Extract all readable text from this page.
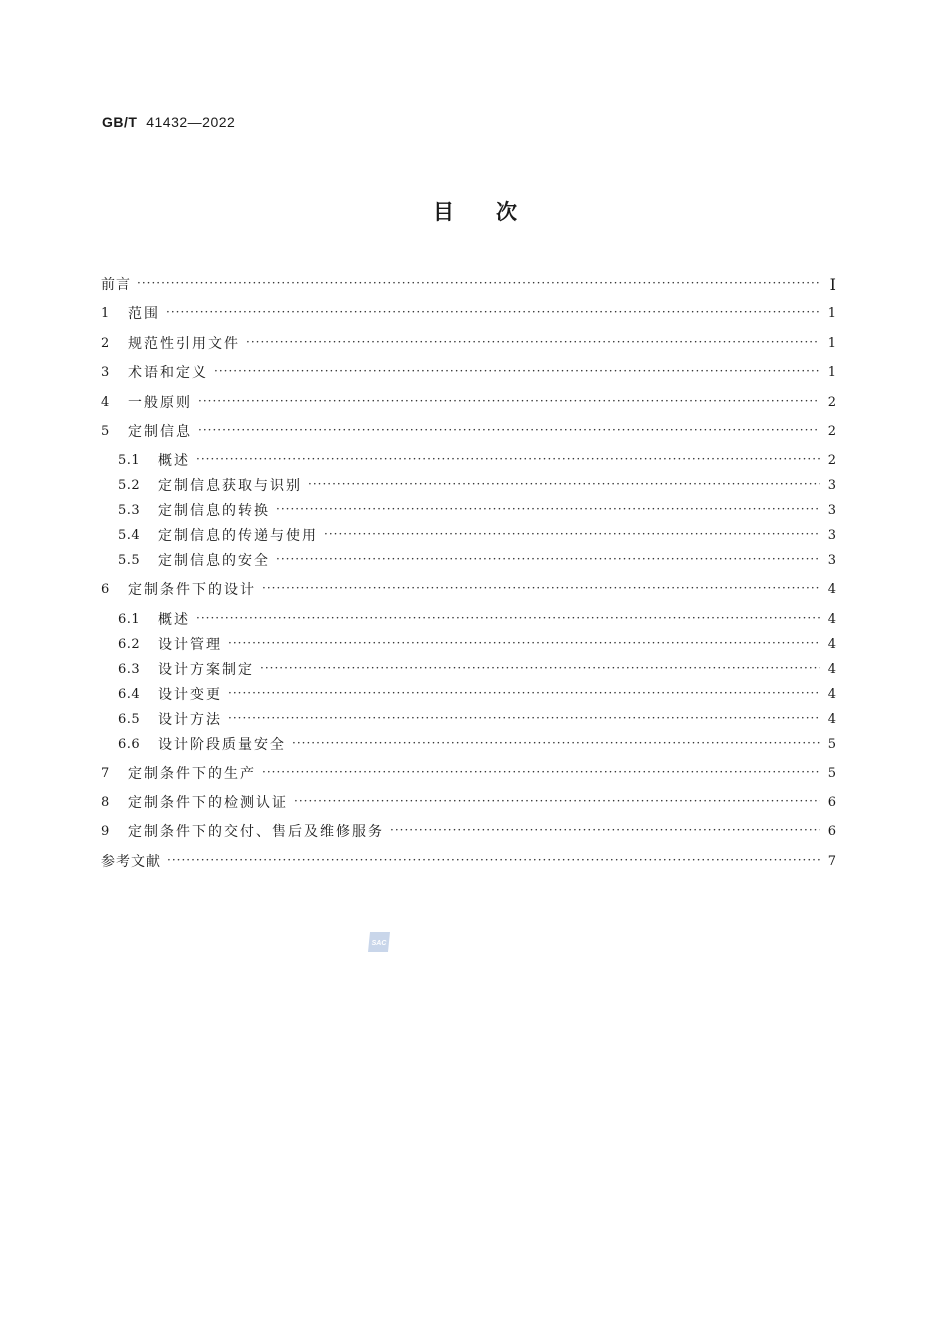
GB/T 41432—2022
目次
前言 ·····	I
1	范围 ·····	1
2	规范性引用文件 ·····	1
3	术语和定义 ·····	1
4	一般原则 ·····	2
5	定制信息 ·····	2
5.1	概述 ·····	2
5.2	定制信息获取与识别 ·····	3
5.3	定制信息的转换 ·····	3
5.4	定制信息的传递与使用 ·····	3
5.5	定制信息的安全 ·····	3
6	定制条件下的设计 ·····	4
6.1	概述 ·····	4
6.2	设计管理 ·····	4
6.3	设计方案制定 ·····	4
6.4	设计变更 ·····	4
6.5	设计方法 ·····	4
6.6	设计阶段质量安全 ·····	5
7	定制条件下的生产 ·····	5
8	定制条件下的检测认证 ·····	6
9	定制条件下的交付、售后及维修服务 ·····	6
参考文献 ·····	7
SAC
